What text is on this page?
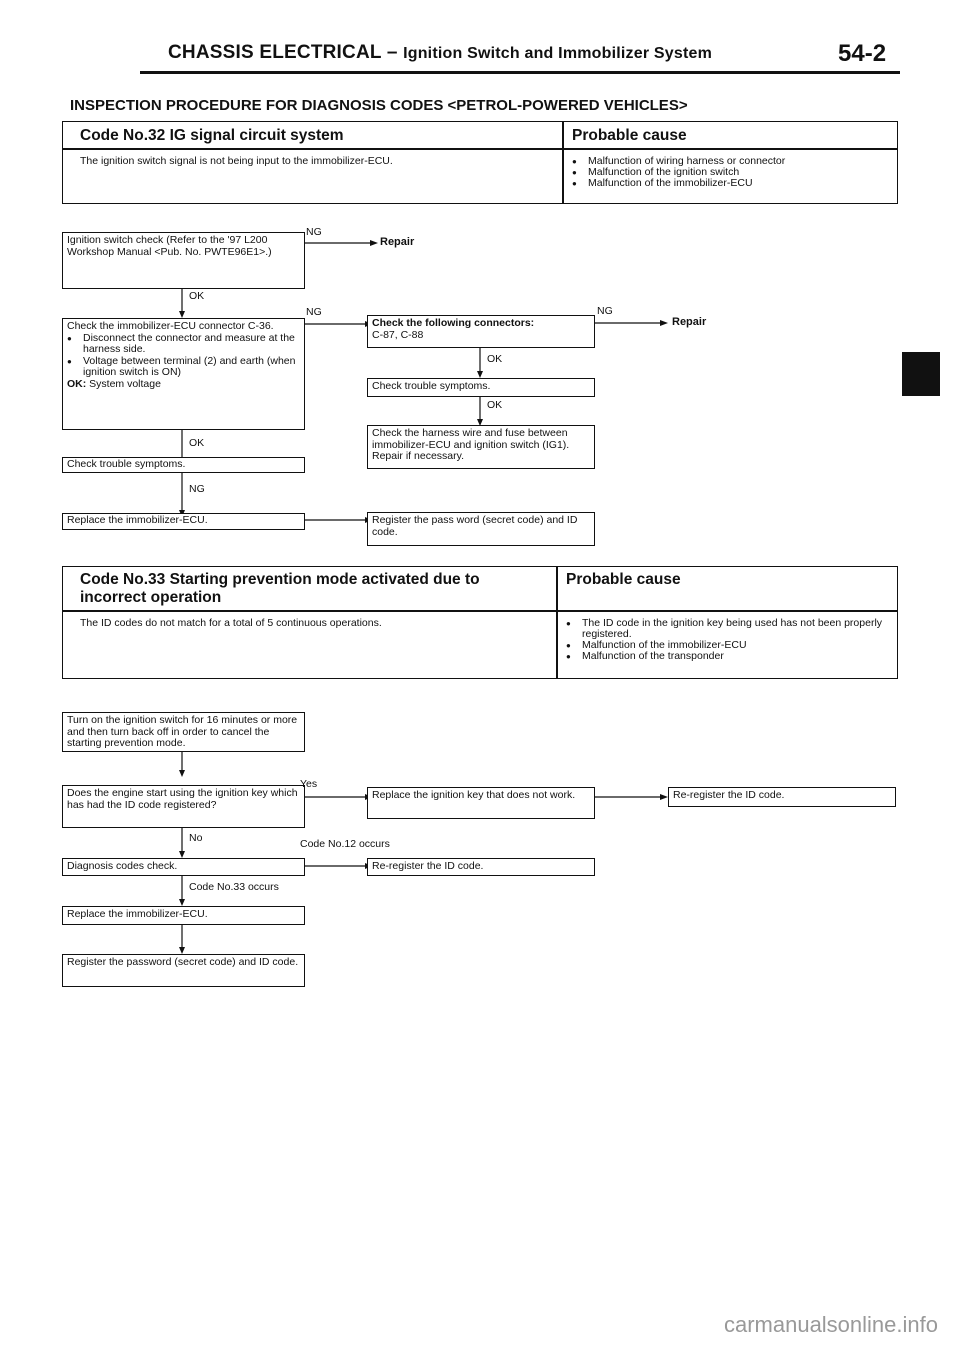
CHASSIS ELECTRICAL – Ignition Switch and Immobilizer System	54-2
INSPECTION PROCEDURE FOR DIAGNOSIS CODES <PETROL-POWERED VEHICLES>
Code No.32 IG signal circuit system	Probable cause
The ignition switch signal is not being input to the immobilizer-ECU.	● Malfunction of wiring harness or connector
● Malfunction of the ignition switch
● Malfunction of the immobilizer-ECU
Ignition switch check (Refer to the '97 L200 Workshop Manual <Pub. No. PWTE96E1>.)
NG
Repair
OK
Check the immobilizer-ECU connector C-36.
● Disconnect the connector and measure at the harness side.
● Voltage between terminal (2) and earth (when ignition switch is ON)
OK: System voltage
NG
OK
Check trouble symptoms.
NG
Replace the immobilizer-ECU.
Check the following connectors:
C-87, C-88
NG
Repair
OK
Check trouble symptoms.
OK
Check the harness wire and fuse between immobilizer-ECU and ignition switch (IG1). Repair if necessary.
Register the pass word (secret code) and ID code.
Code No.33 Starting prevention mode activated due to incorrect operation
Probable cause
The ID codes do not match for a total of 5 continuous operations.	● The ID code in the ignition key being used has not been properly registered.
● Malfunction of the immobilizer-ECU
● Malfunction of the transponder
Turn on the ignition switch for 16 minutes or more and then turn back off in order to cancel the starting prevention mode.
Does the engine start using the ignition key which has had the ID code registered?
Yes
No	Code No.12 occurs
Replace the ignition key that does not work.	Re-register the ID code.
Diagnosis codes check.	Re-register the ID code.
Code No.33 occurs
Replace the immobilizer-ECU.
Register the password (secret code) and ID code.
carmanualsonline.info
